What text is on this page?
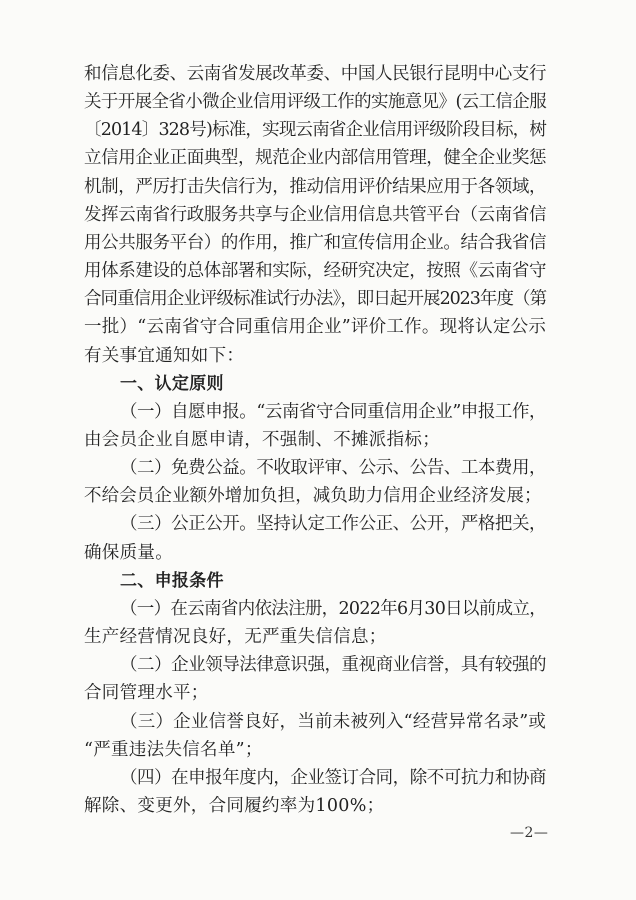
和信息化委、云南省发展改革委、中国人民银行昆明中心支行
关于开展全省小微企业信用评级工作的实施意见》(云工信企服
〔2014〕328号)标准，实现云南省企业信用评级阶段目标，树
立信用企业正面典型，规范企业内部信用管理，健全企业奖惩
机制，严厉打击失信行为，推动信用评价结果应用于各领域，
发挥云南省行政服务共享与企业信用信息共管平台（云南省信
用公共服务平台）的作用，推广和宣传信用企业。结合我省信
用体系建设的总体部署和实际，经研究决定，按照《云南省守
合同重信用企业评级标准试行办法》，即日起开展2023年度（第
一批）“云南省守合同重信用企业”评价工作。现将认定公示
有关事宜通知如下：
一、认定原则
（一）自愿申报。“云南省守合同重信用企业”申报工作，
由会员企业自愿申请，不强制、不摊派指标；
（二）免费公益。不收取评审、公示、公告、工本费用，
不给会员企业额外增加负担，减负助力信用企业经济发展；
（三）公正公开。坚持认定工作公正、公开，严格把关，
确保质量。
二、申报条件
（一）在云南省内依法注册，2022年6月30日以前成立，
生产经营情况良好，无严重失信信息；
（二）企业领导法律意识强，重视商业信誉，具有较强的
合同管理水平；
（三）企业信誉良好，当前未被列入“经营异常名录”或
“严重违法失信名单”；
（四）在申报年度内，企业签订合同，除不可抗力和协商
解除、变更外，合同履约率为100%；
—2—
